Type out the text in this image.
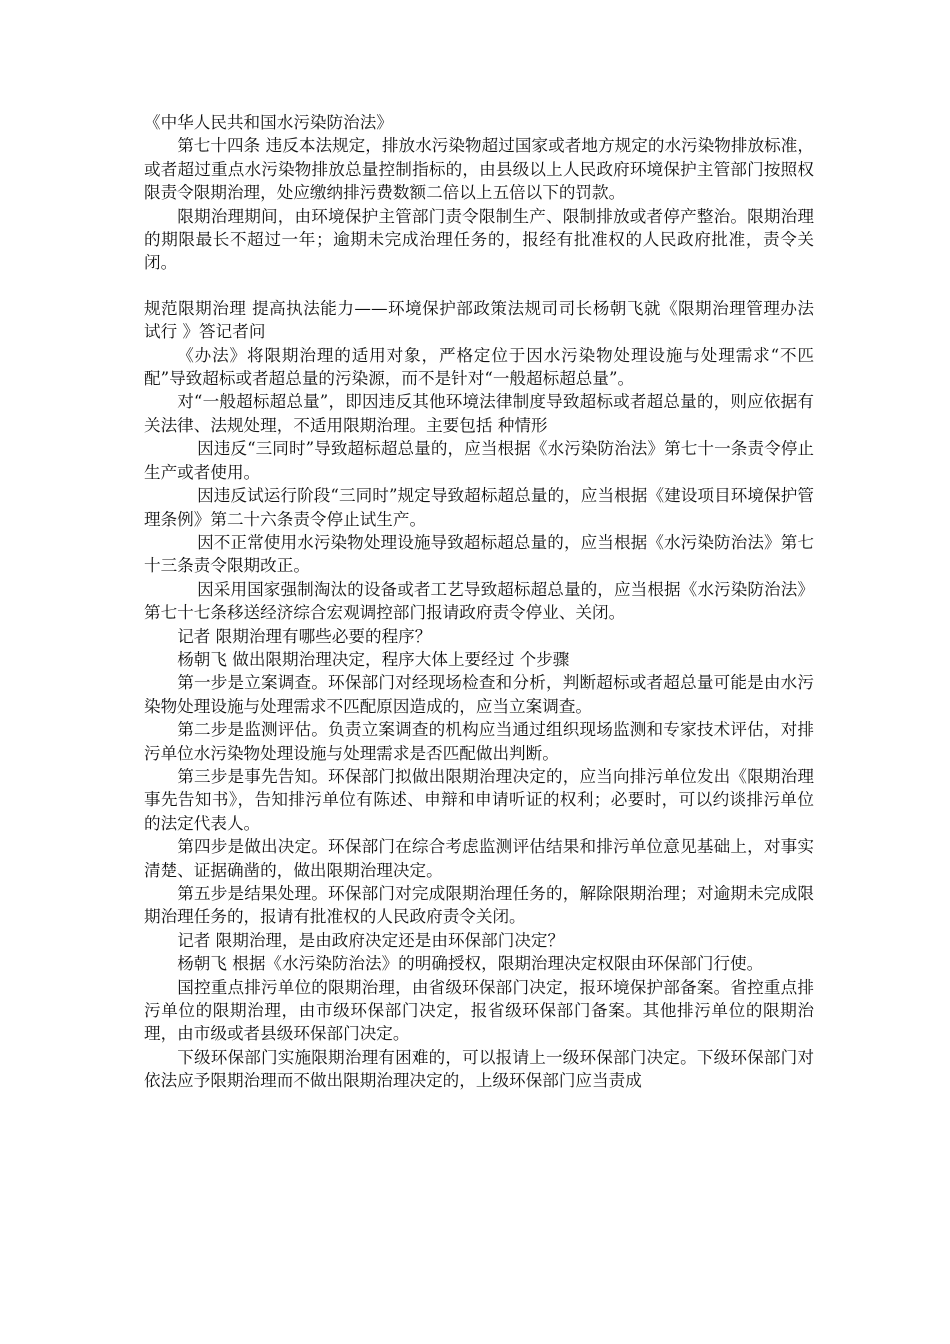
《中华人民共和国水污染防治法》

第七十四条 违反本法规定，排放水污染物超过国家或者地方规定的水污染物排放标准，或者超过重点水污染物排放总量控制指标的，由县级以上人民政府环境保护主管部门按照权限责令限期治理，处应缴纳排污费数额二倍以上五倍以下的罚款。

限期治理期间，由环境保护主管部门责令限制生产、限制排放或者停产整治。限期治理的期限最长不超过一年；逾期未完成治理任务的，报经有批准权的人民政府批准，责令关闭。

规范限期治理 提高执法能力——环境保护部政策法规司司长杨朝飞就《限期治理管理办法 试行 》答记者问

《办法》将限期治理的适用对象，严格定位于因水污染物处理设施与处理需求“不匹配”导致超标或者超总量的污染源，而不是针对“一般超标超总量”。

对“一般超标超总量”，即因违反其他环境法律制度导致超标或者超总量的，则应依据有关法律、法规处理，不适用限期治理。主要包括 种情形

因违反“三同时”导致超标超总量的，应当根据《水污染防治法》第七十一条责令停止生产或者使用。

因违反试运行阶段“三同时”规定导致超标超总量的，应当根据《建设项目环境保护管理条例》第二十六条责令停止试生产。

因不正常使用水污染物处理设施导致超标超总量的，应当根据《水污染防治法》第七十三条责令限期改正。

因采用国家强制淘汰的设备或者工艺导致超标超总量的，应当根据《水污染防治法》第七十七条移送经济综合宏观调控部门报请政府责令停业、关闭。

记者 限期治理有哪些必要的程序？

杨朝飞 做出限期治理决定，程序大体上要经过 个步骤

第一步是立案调查。环保部门对经现场检查和分析，判断超标或者超总量可能是由水污染物处理设施与处理需求不匹配原因造成的，应当立案调查。

第二步是监测评估。负责立案调查的机构应当通过组织现场监测和专家技术评估，对排污单位水污染物处理设施与处理需求是否匹配做出判断。

第三步是事先告知。环保部门拟做出限期治理决定的，应当向排污单位发出《限期治理事先告知书》，告知排污单位有陈述、申辩和申请听证的权利；必要时，可以约谈排污单位的法定代表人。

第四步是做出决定。环保部门在综合考虑监测评估结果和排污单位意见基础上，对事实清楚、证据确凿的，做出限期治理决定。

第五步是结果处理。环保部门对完成限期治理任务的，解除限期治理；对逾期未完成限期治理任务的，报请有批准权的人民政府责令关闭。

记者 限期治理，是由政府决定还是由环保部门决定？

杨朝飞 根据《水污染防治法》的明确授权，限期治理决定权限由环保部门行使。

国控重点排污单位的限期治理，由省级环保部门决定，报环境保护部备案。省控重点排污单位的限期治理，由市级环保部门决定，报省级环保部门备案。其他排污单位的限期治理，由市级或者县级环保部门决定。

下级环保部门实施限期治理有困难的，可以报请上一级环保部门决定。下级环保部门对依法应予限期治理而不做出限期治理决定的，上级环保部门应当责成
